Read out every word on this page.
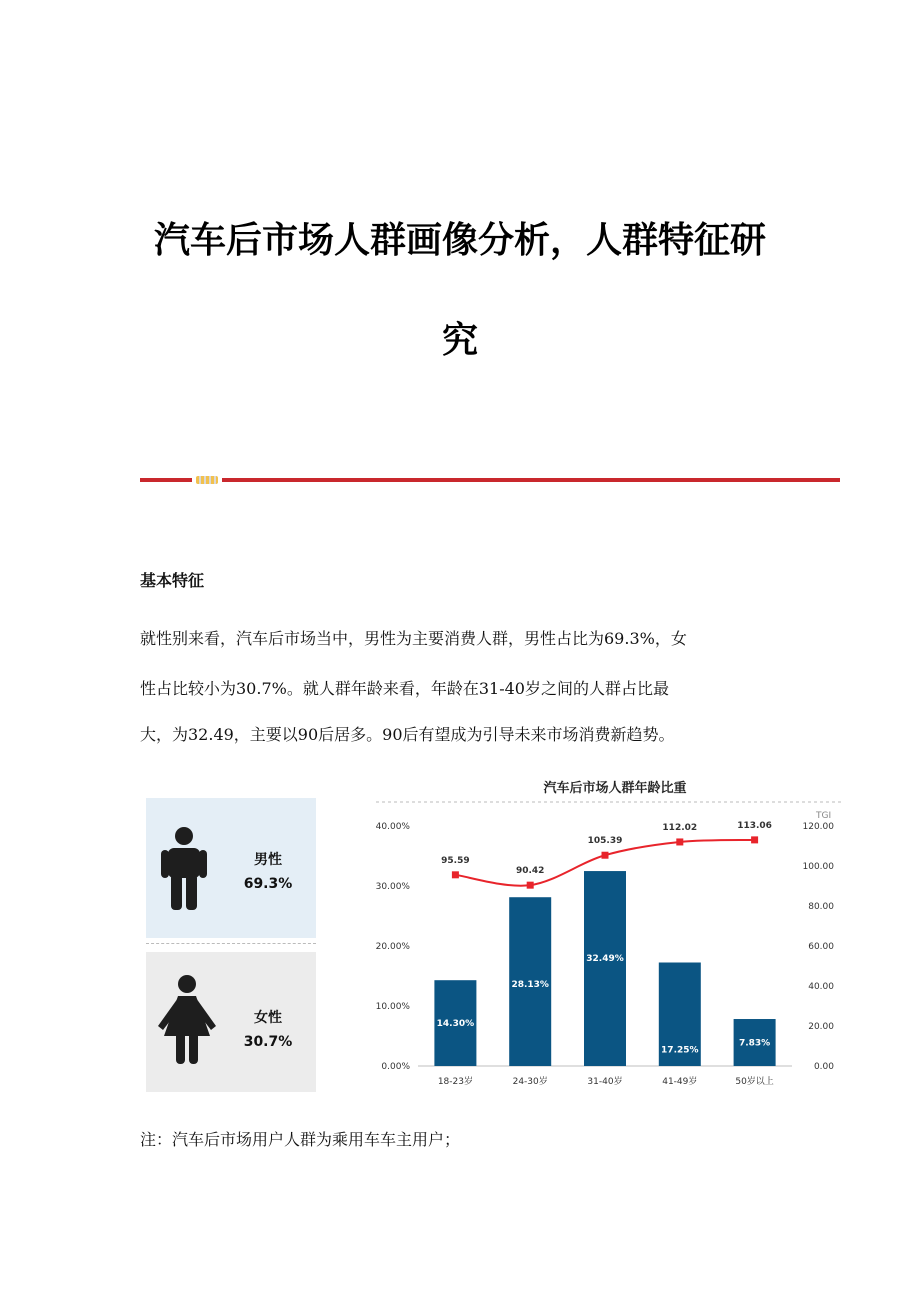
汽车后市场人群画像分析，人群特征研
究
基本特征
就性别来看，汽车后市场当中，男性为主要消费人群，男性占比为69.3%，女
性占比较小为30.7%。就人群年龄来看，年龄在31-40岁之间的人群占比最
大，为32.49，主要以90后居多。90后有望成为引导未来市场消费新趋势。
男性
69.3%
女性
30.7%
汽车后市场人群年龄比重
TGI
14.30%
28.13%
32.49%
17.25%
7.83%
18-23岁	24-30岁	31-40岁	41-49岁	50岁以上
0.00%
10.00%
20.00%
30.00%
40.00%
0.00
20.00
40.00
60.00
80.00
100.00
120.00
95.59
90.42
105.39
112.02	113.06
注：汽车后市场用户人群为乘用车车主用户；
